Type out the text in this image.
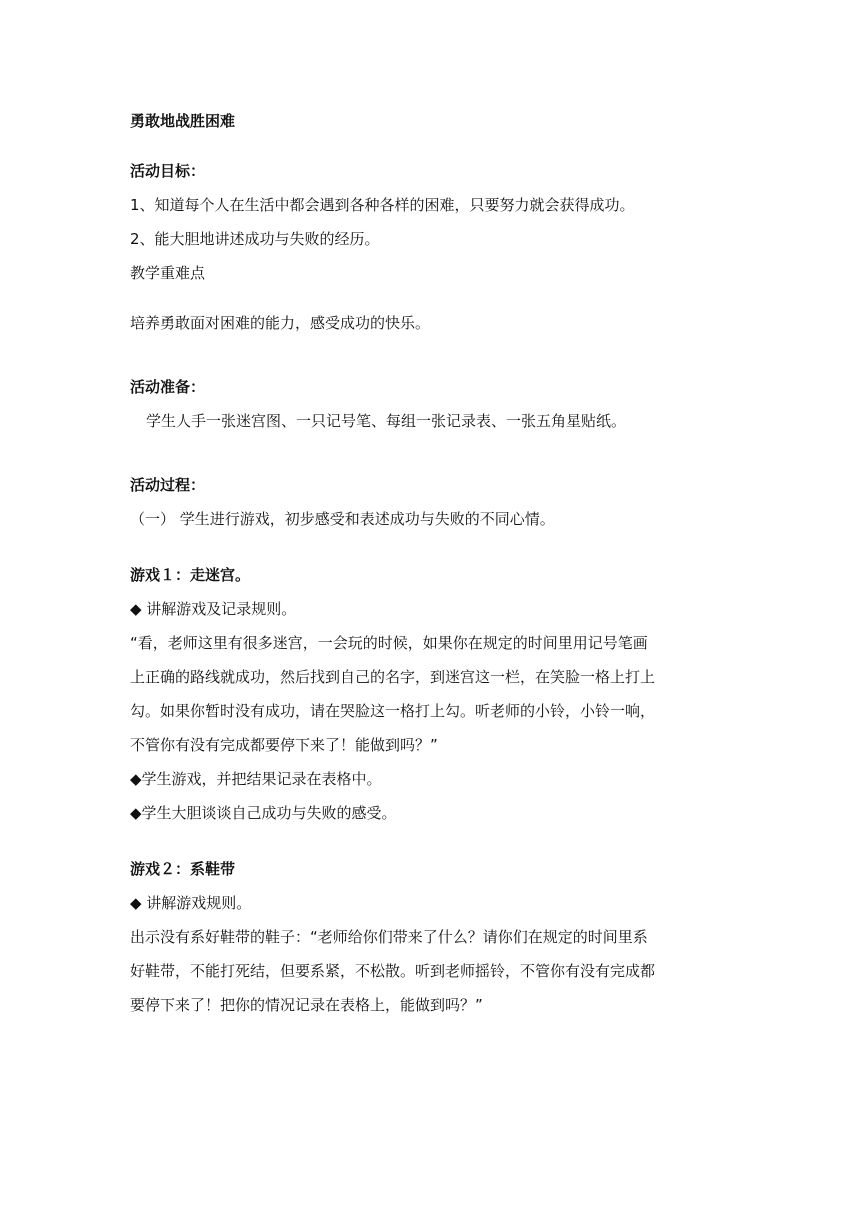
勇敢地战胜困难
活动目标：
1、知道每个人在生活中都会遇到各种各样的困难，只要努力就会获得成功。
2、能大胆地讲述成功与失败的经历。
教学重难点
培养勇敢面对困难的能力，感受成功的快乐。
活动准备：
学生人手一张迷宫图、一只记号笔、每组一张记录表、一张五角星贴纸。
活动过程：
（一） 学生进行游戏，初步感受和表述成功与失败的不同心情。
游戏１：走迷宫。
◆ 讲解游戏及记录规则。
“看，老师这里有很多迷宫，一会玩的时候，如果你在规定的时间里用记号笔画
上正确的路线就成功，然后找到自己的名字，到迷宫这一栏，在笑脸一格上打上
勾。如果你暂时没有成功，请在哭脸这一格打上勾。听老师的小铃，小铃一响，
不管你有没有完成都要停下来了！能做到吗？”
◆学生游戏，并把结果记录在表格中。
◆学生大胆谈谈自己成功与失败的感受。
游戏２：系鞋带
◆ 讲解游戏规则。
出示没有系好鞋带的鞋子：“老师给你们带来了什么？请你们在规定的时间里系
好鞋带，不能打死结，但要系紧，不松散。听到老师摇铃，不管你有没有完成都
要停下来了！把你的情况记录在表格上，能做到吗？”
